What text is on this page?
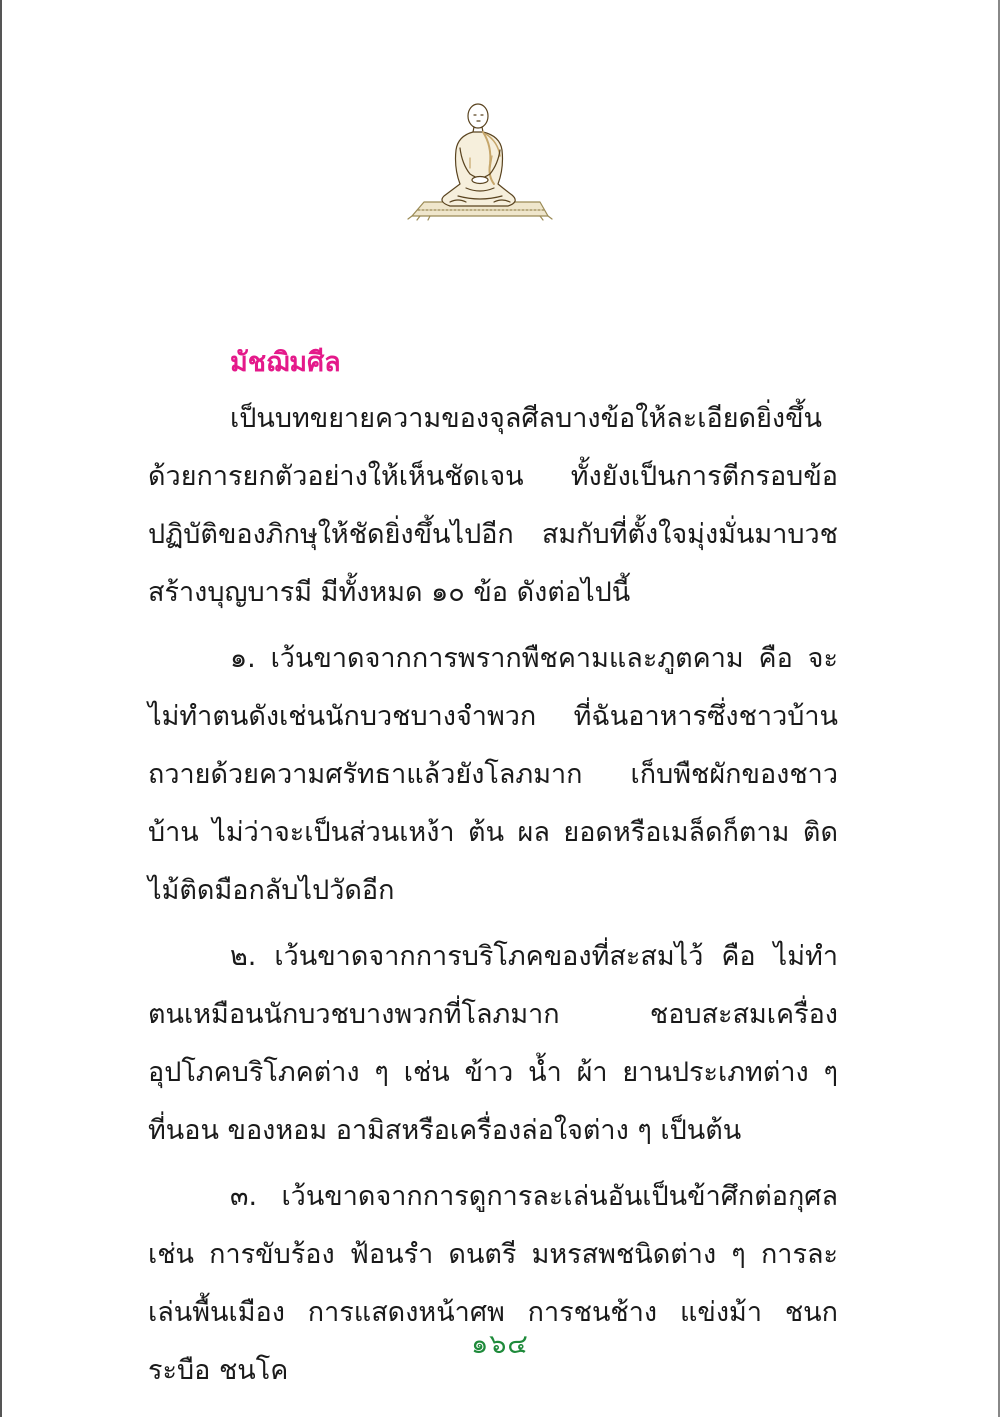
มัชฌิมศีล

เป็นบทขยายความของจุลศีลบางข้อให้ละเอียดยิ่งขึ้น ด้วยการยกตัวอย่างให้เห็นชัดเจน ทั้งยังเป็นการตีกรอบข้อปฏิบัติของภิกษุให้ชัดยิ่งขึ้นไปอีก สมกับที่ตั้งใจมุ่งมั่นมาบวชสร้างบุญบารมี มีทั้งหมด ๑๐ ข้อ ดังต่อไปนี้

๑. เว้นขาดจากการพรากพืชคามและภูตคาม คือ จะไม่ทำตนดังเช่นนักบวชบางจำพวก ที่ฉันอาหารซึ่งชาวบ้านถวายด้วยความศรัทธาแล้วยังโลภมาก เก็บพืชผักของชาวบ้าน ไม่ว่าจะเป็นส่วนเหง้า ต้น ผล ยอดหรือเมล็ดก็ตาม ติดไม้ติดมือกลับไปวัดอีก

๒. เว้นขาดจากการบริโภคของที่สะสมไว้ คือ ไม่ทำตนเหมือนนักบวชบางพวกที่โลภมาก ชอบสะสมเครื่องอุปโภคบริโภคต่าง ๆ เช่น ข้าว น้ำ ผ้า ยานประเภทต่าง ๆ ที่นอน ของหอม อามิสหรือเครื่องล่อใจต่าง ๆ เป็นต้น

๓. เว้นขาดจากการดูการละเล่นอันเป็นข้าศึกต่อกุศล เช่น การขับร้อง ฟ้อนรำ ดนตรี มหรสพชนิดต่าง ๆ การละเล่นพื้นเมือง การแสดงหน้าศพ การชนช้าง แข่งม้า ชนกระบือ ชนโค

๑๖๔
